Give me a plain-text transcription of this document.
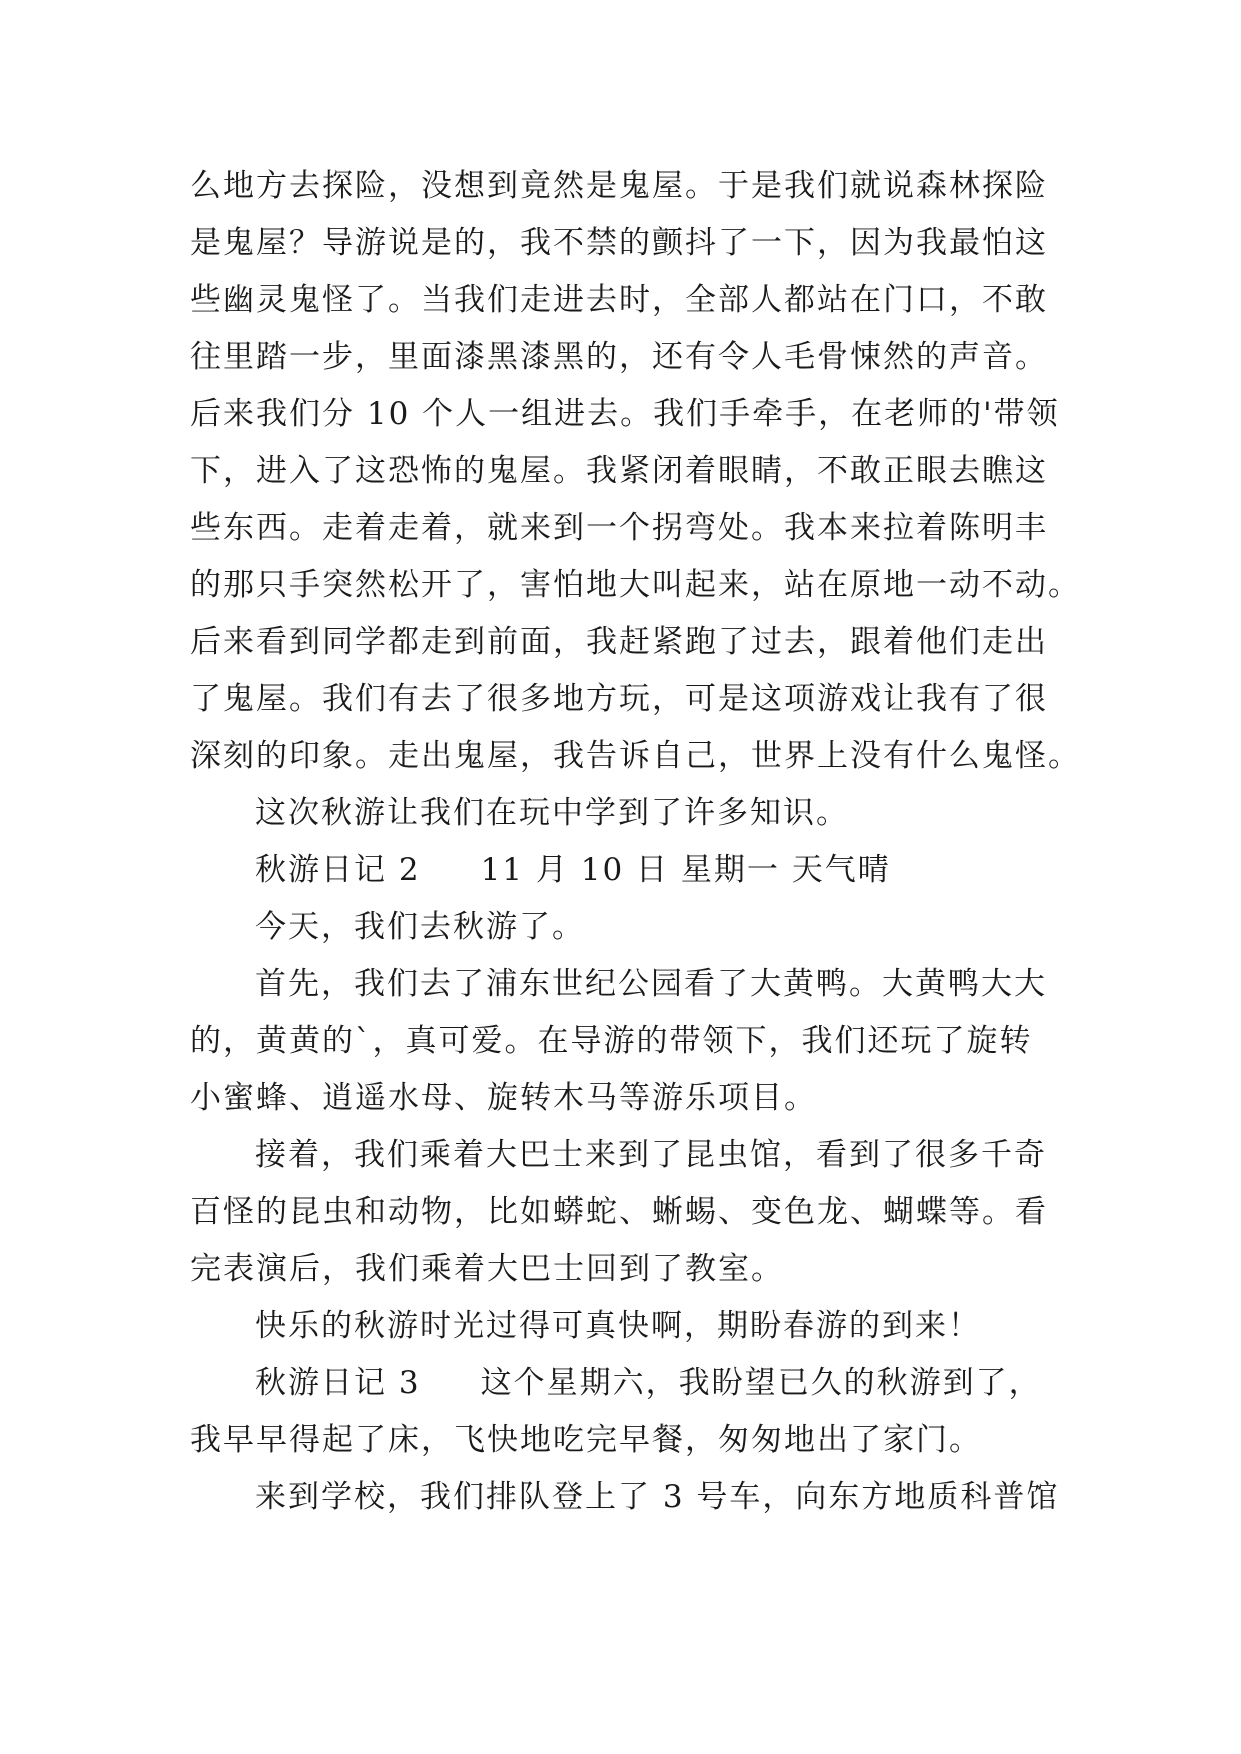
么地方去探险，没想到竟然是鬼屋。于是我们就说森林探险
是鬼屋？导游说是的，我不禁的颤抖了一下，因为我最怕这
些幽灵鬼怪了。当我们走进去时，全部人都站在门口，不敢
往里踏一步，里面漆黑漆黑的，还有令人毛骨悚然的声音。
后来我们分 10 个人一组进去。我们手牵手，在老师的'带领
下，进入了这恐怖的鬼屋。我紧闭着眼睛，不敢正眼去瞧这
些东西。走着走着，就来到一个拐弯处。我本来拉着陈明丰
的那只手突然松开了，害怕地大叫起来，站在原地一动不动。
后来看到同学都走到前面，我赶紧跑了过去，跟着他们走出
了鬼屋。我们有去了很多地方玩，可是这项游戏让我有了很
深刻的印象。走出鬼屋，我告诉自己，世界上没有什么鬼怪。
这次秋游让我们在玩中学到了许多知识。
秋游日记 2 11 月 10 日 星期一 天气晴
今天，我们去秋游了。
首先，我们去了浦东世纪公园看了大黄鸭。大黄鸭大大
的，黄黄的`，真可爱。在导游的带领下，我们还玩了旋转
小蜜蜂、逍遥水母、旋转木马等游乐项目。
接着，我们乘着大巴士来到了昆虫馆，看到了很多千奇
百怪的昆虫和动物，比如蟒蛇、蜥蜴、变色龙、蝴蝶等。看
完表演后，我们乘着大巴士回到了教室。
快乐的秋游时光过得可真快啊，期盼春游的到来！
秋游日记 3 这个星期六，我盼望已久的秋游到了，
我早早得起了床，飞快地吃完早餐，匆匆地出了家门。
来到学校，我们排队登上了 3 号车，向东方地质科普馆
